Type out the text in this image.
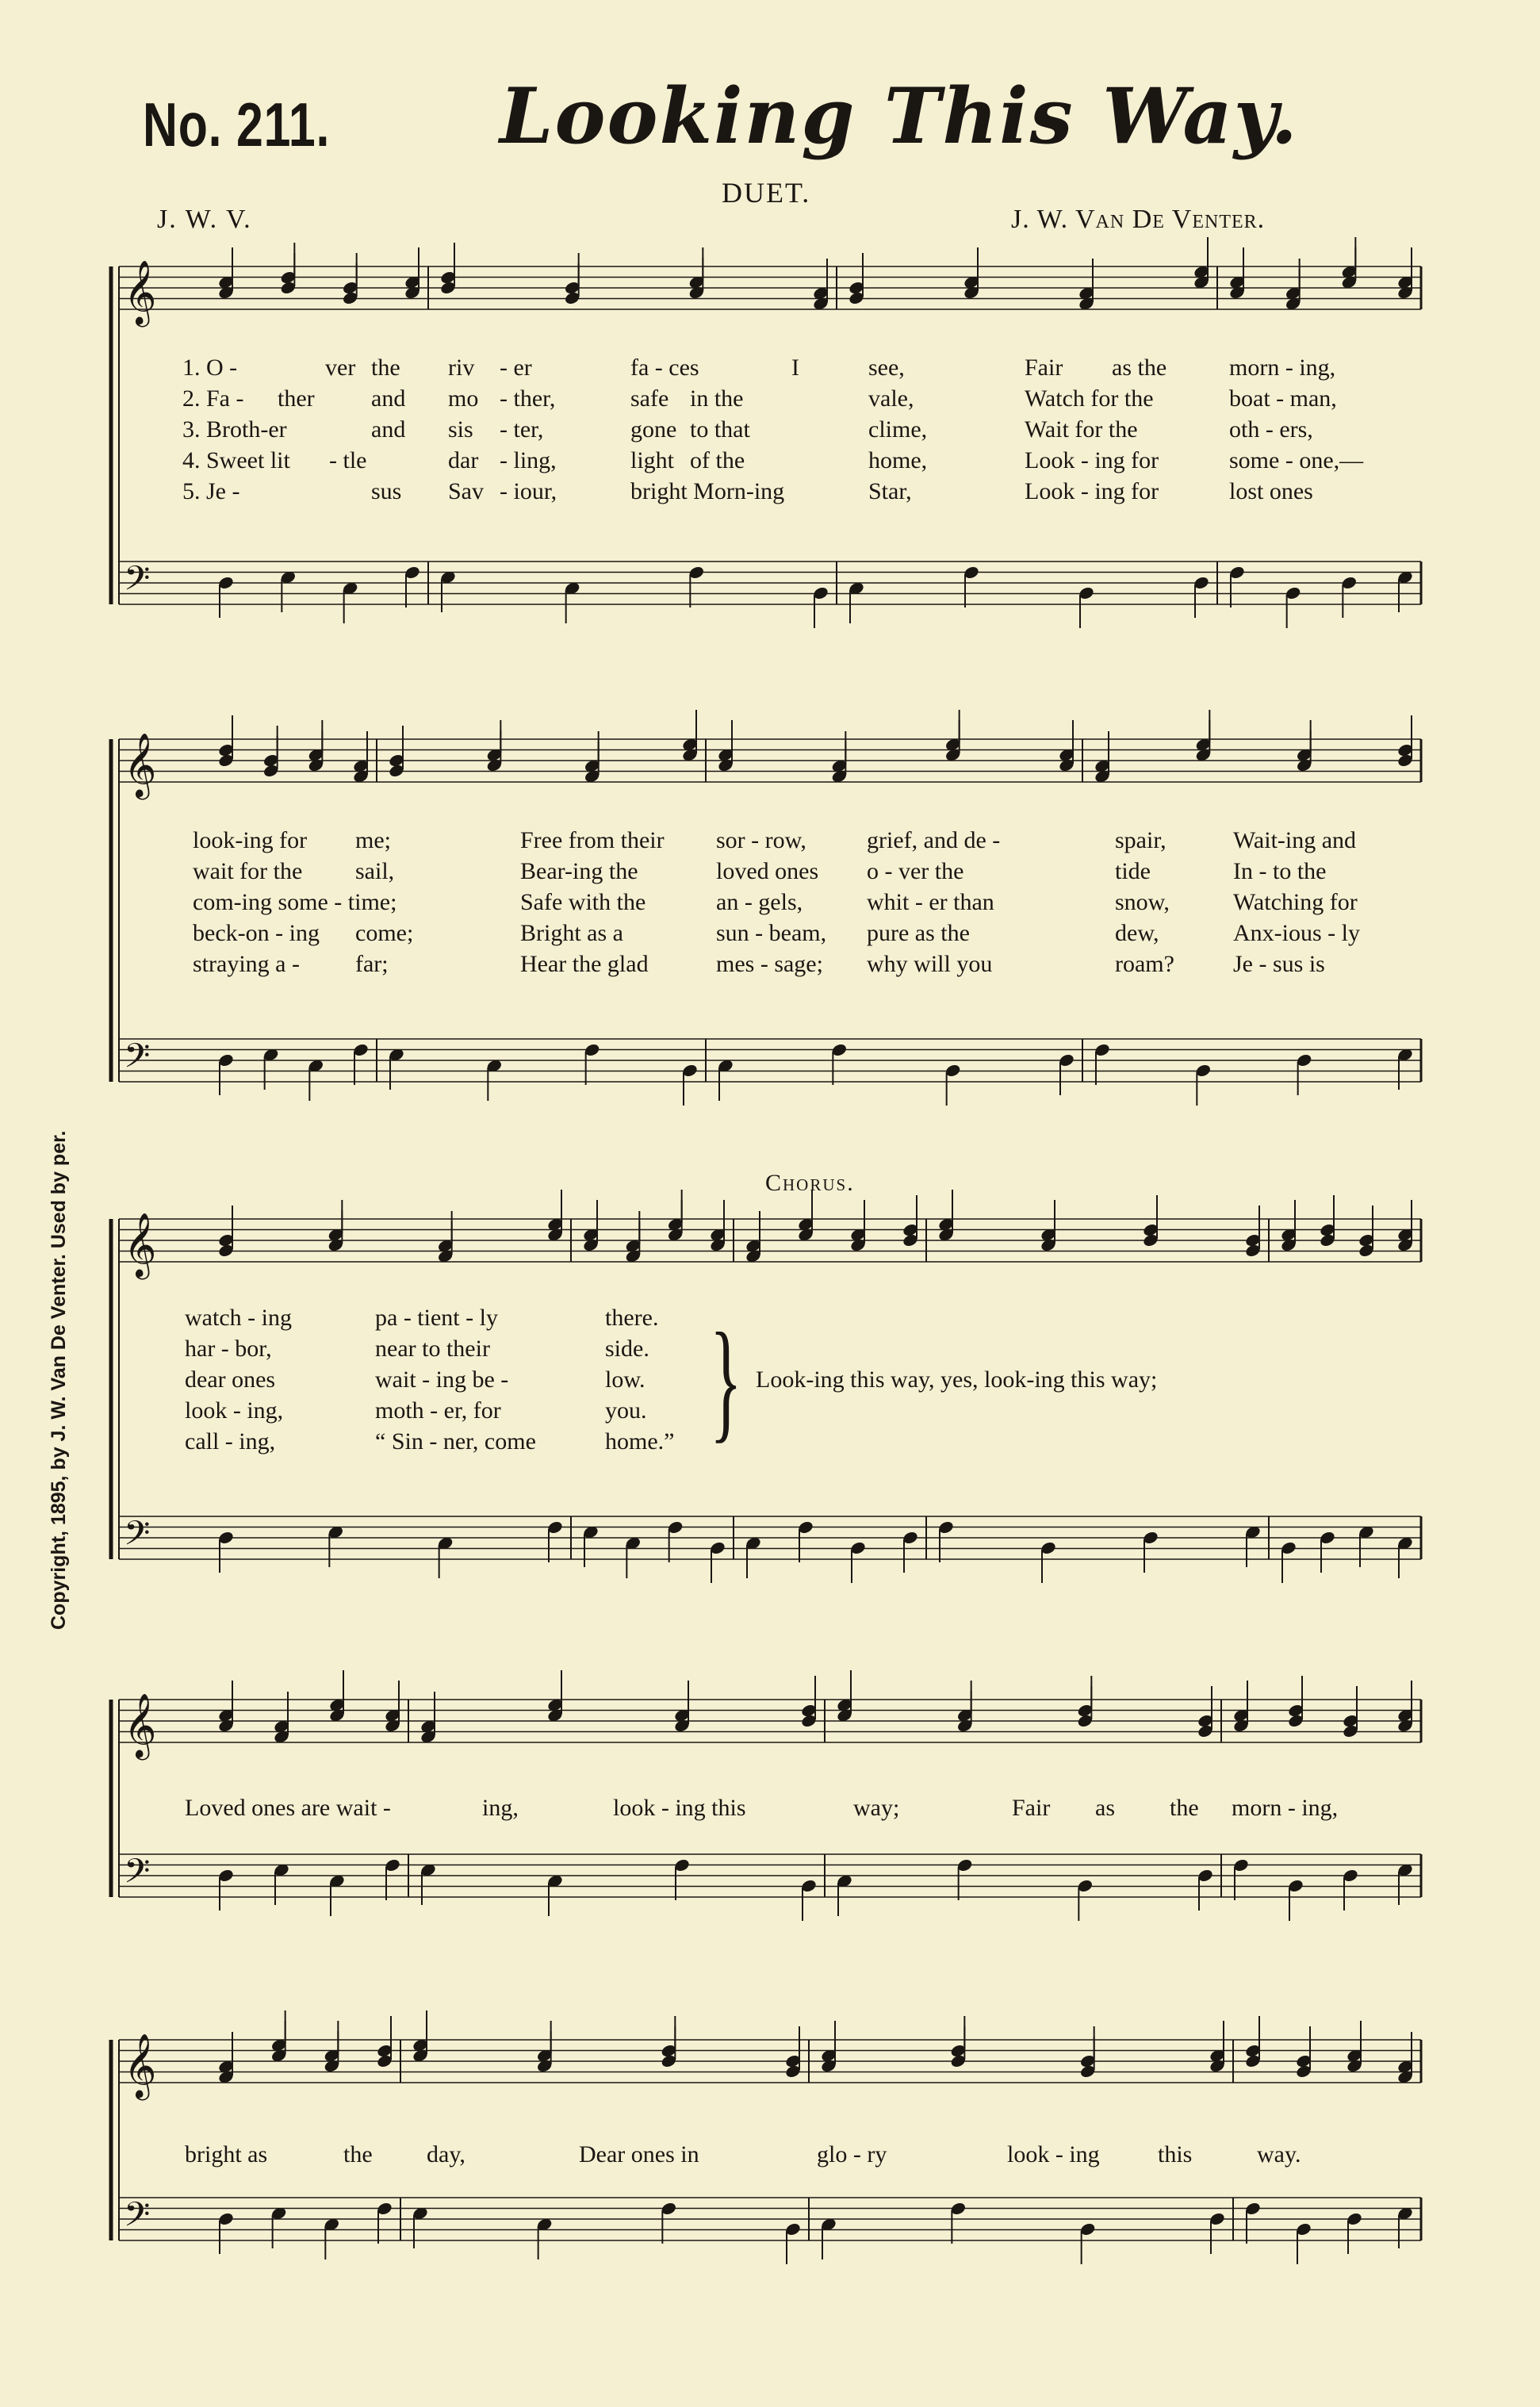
No. 211. Looking This Way.
DUET.
J. W. V.	J. W. Van De Venter.
Copyright, 1895, by J. W. Van De Venter. Used by per.	Chorus.
𝄞
𝄢
𝄞
𝄢
𝄞
𝄢
𝄞
𝄢
𝄞
𝄢
1. O -	ver the riv - er	fa - ces	I	see,	Fair as the	morn - ing,
2. Fa - ther and mo - ther,	safe in the	vale,	Watch for the	boat - man,
3. Broth-er	and sis - ter,	gone to that	clime,	Wait for the	oth - ers,
4. Sweet lit - tle	dar - ling,	light of the	home,	Look - ing for	some - one,—
5. Je -	sus Sav - iour,	bright Morn-ing	Star,	Look - ing for	lost ones
look-ing for me;	Free from their sor - row,	grief, and de -	spair,	Wait-ing and
wait for the sail,	Bear-ing the	loved ones o - ver the	tide	In - to the
com-ing some - time;	Safe with the	an - gels,	whit - er than	snow,	Watching for
beck-on - ing come;	Bright as a	sun - beam, pure as the	dew,	Anx-ious - ly
straying a - far;	Hear the glad	mes - sage; why will you	roam? Je - sus is
watch - ing	pa - tient - ly	there.
har - bor,	near to their	side.
dear ones	wait - ing be -	low.
look - ing,	moth - er, for	you.
call - ing,	“ Sin - ner, come	home.” } Look-ing this way, yes, look-ing this way;
Loved ones are wait -	ing,	look - ing this	way;	Fair as the morn - ing,
bright as	the day,	Dear ones in	glo - ry	look - ing this	way.
